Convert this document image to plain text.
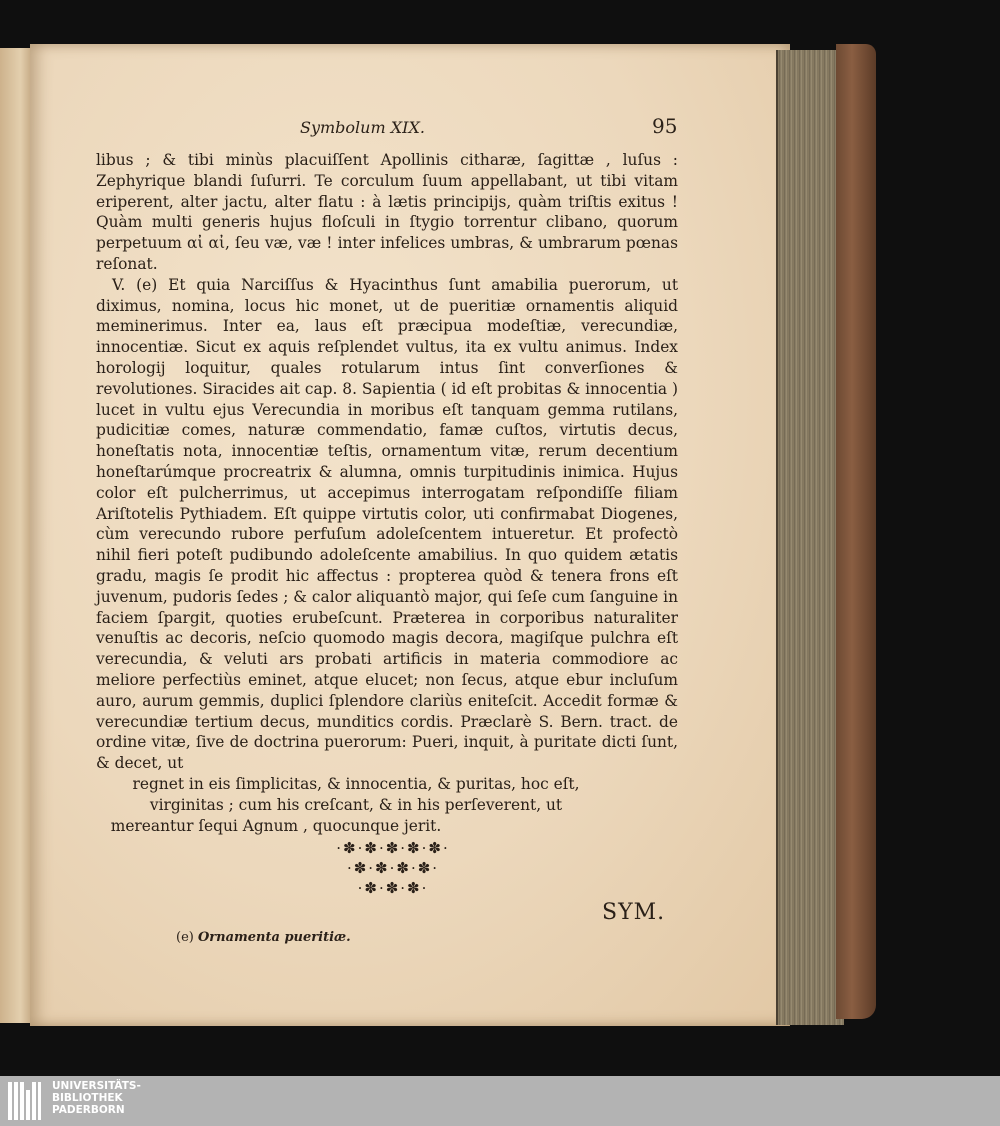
Symbolum XIX.	95

libus ; & tibi minùs placuiſſent Apollinis citharæ, ſagittæ , luſus : Zephyrique blandi ſuſurri. Te corculum ſuum appellabant, ut tibi vitam eriperent, alter jactu, alter flatu : à lætis principijs, quàm triſtis exitus ! Quàm multi generis hujus floſculi in ſtygio torrentur clibano, quorum perpetuum αἰ αἰ, ſeu væ, væ ! inter infelices umbras, & umbrarum pœnas reſonat.

V. (e) Et quia Narciſſus & Hyacinthus ſunt amabilia puerorum, ut diximus, nomina, locus hic monet, ut de pueritiæ ornamentis aliquid meminerimus. Inter ea, laus eſt præcipua modeſtiæ, verecundiæ, innocentiæ. Sicut ex aquis reſplendet vultus, ita ex vultu animus. Index horologij loquitur, quales rotularum intus ſint converſiones & revolutiones. Siracides ait cap. 8. Sapientia ( id eſt probitas & innocentia ) lucet in vultu ejus Verecundia in moribus eſt tanquam gemma rutilans, pudicitiæ comes, naturæ commendatio, famæ cuſtos, virtutis decus, honeſtatis nota, innocentiæ teſtis, ornamentum vitæ, rerum decentium honeſtarúmque procreatrix & alumna, omnis turpitudinis inimica. Hujus color eſt pulcherrimus, ut accepimus interrogatam reſpondiſſe filiam Ariſtotelis Pythiadem. Eſt quippe virtutis color, uti confirmabat Diogenes, cùm verecundo rubore perfuſum adoleſcentem intueretur. Et profectò nihil fieri poteſt pudibundo adoleſcente amabilius. In quo quidem ætatis gradu, magis ſe prodit hic affectus : propterea quòd & tenera frons eſt juvenum, pudoris ſedes ; & calor aliquantò major, qui ſeſe cum ſanguine in faciem ſpargit, quoties erubeſcunt. Præterea in corporibus naturaliter venuſtis ac decoris, neſcio quomodo magis decora, magiſque pulchra eſt verecundia, & veluti ars probati artificis in materia commodiore ac meliore perfectiùs eminet, atque elucet; non ſecus, atque ebur incluſum auro, aurum gemmis, duplici ſplendore clariùs eniteſcit. Accedit formæ & verecundiæ tertium decus, munditics cordis. Præclarè S. Bern. tract. de ordine vitæ, ſive de doctrina puerorum: Pueri, inquit, à puritate dicti ſunt, & decet, ut

regnet in eis ſimplicitas, & innocentia, & puritas, hoc eſt, virginitas ; cum his creſcant, & in his perſeverent, ut

mereantur ſequi Agnum , quocunque jerit.

·✽·✽·✽·✽·✽·
·✽·✽·✽·✽·
·✽·✽·✽·
SYM.
(e) Ornamenta pueritiæ.
UNIVERSITÄTS-
BIBLIOTHEK
PADERBORN
